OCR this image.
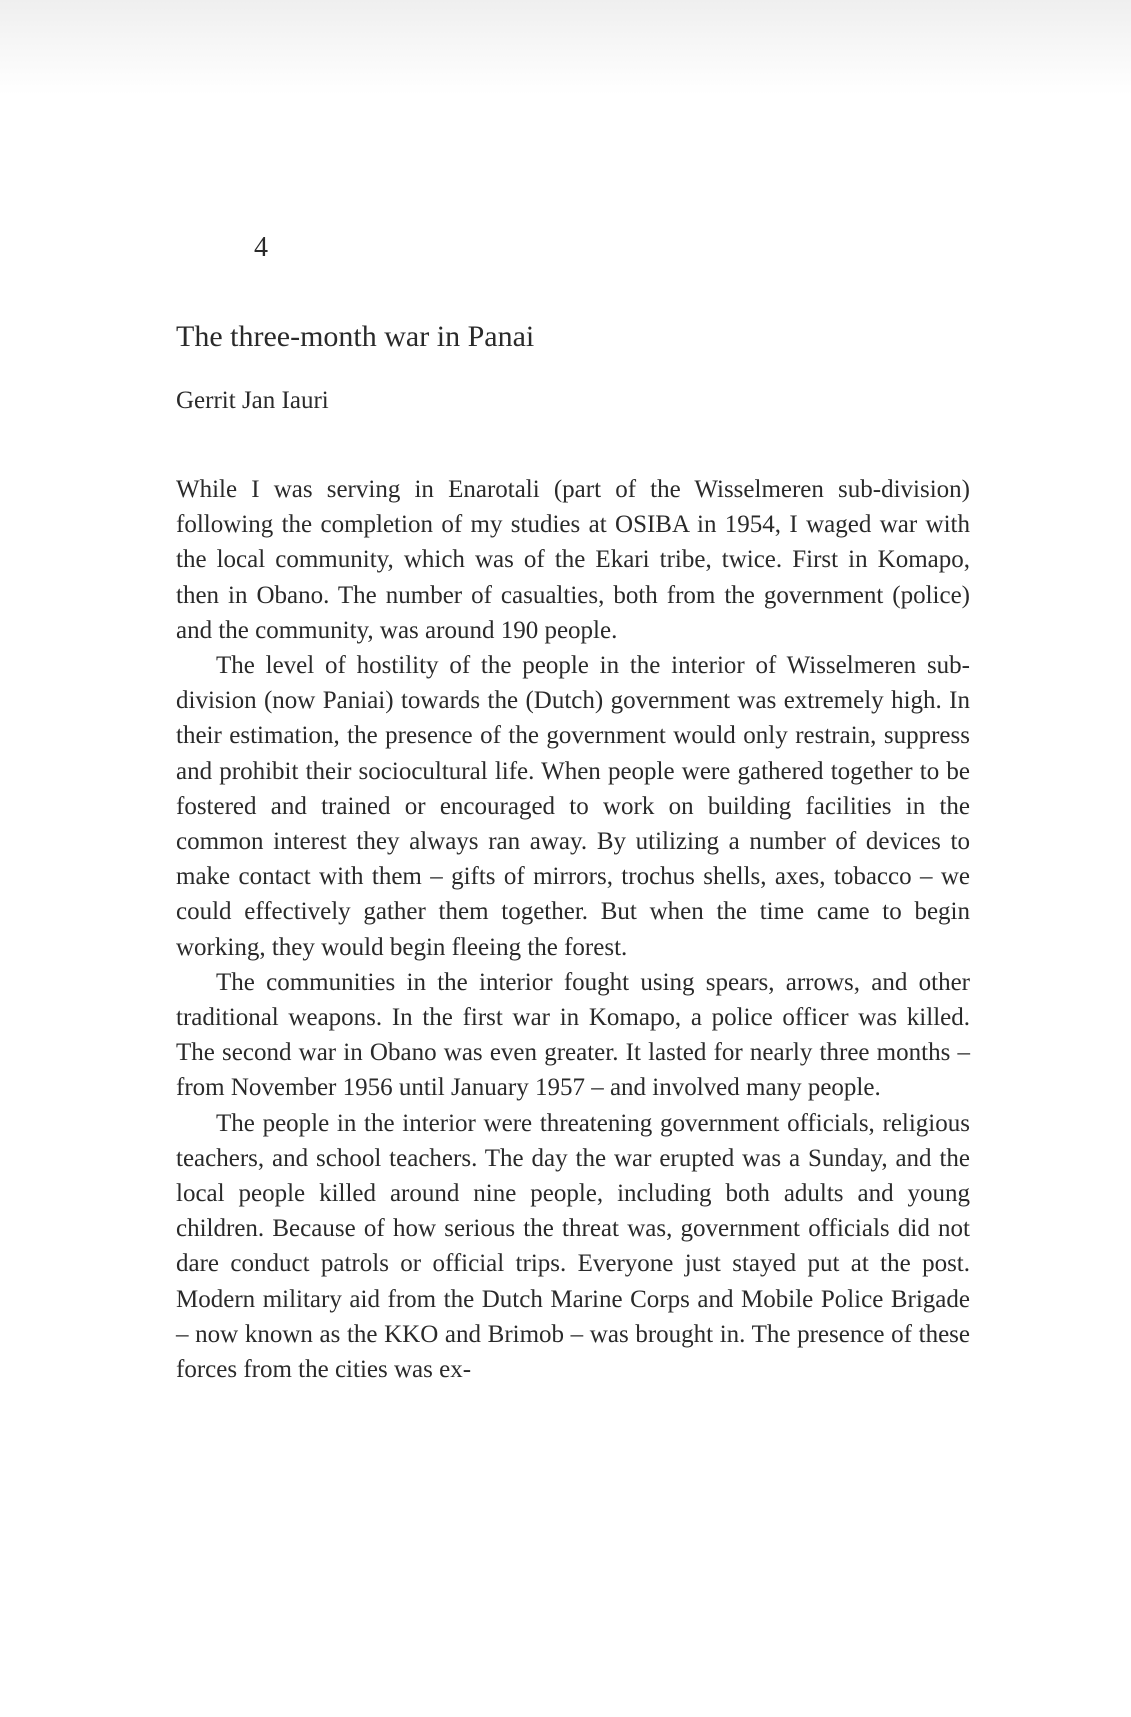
4
The three-month war in Panai
Gerrit Jan Iauri

While I was serving in Enarotali (part of the Wisselmeren sub-division) following the completion of my studies at OSIBA in 1954, I waged war with the local community, which was of the Ekari tribe, twice. First in Komapo, then in Obano. The number of casualties, both from the government (police) and the community, was around 190 people.

The level of hostility of the people in the interior of Wisselmeren sub-division (now Paniai) towards the (Dutch) government was extremely high. In their estimation, the presence of the government would only restrain, suppress and prohibit their sociocultural life. When people were gathered together to be fostered and trained or encouraged to work on building facilities in the common interest they always ran away. By utilizing a number of devices to make contact with them – gifts of mirrors, trochus shells, axes, tobacco – we could effectively gather them together. But when the time came to begin working, they would begin fleeing the forest.

The communities in the interior fought using spears, arrows, and other traditional weapons. In the first war in Komapo, a police officer was killed. The second war in Obano was even greater. It lasted for nearly three months – from November 1956 until January 1957 – and involved many people.

The people in the interior were threatening government officials, religious teachers, and school teachers. The day the war erupted was a Sunday, and the local people killed around nine people, including both adults and young children. Because of how serious the threat was, government officials did not dare conduct patrols or official trips. Everyone just stayed put at the post. Modern military aid from the Dutch Marine Corps and Mobile Police Brigade – now known as the KKO and Brimob – was brought in. The presence of these forces from the cities was ex-
